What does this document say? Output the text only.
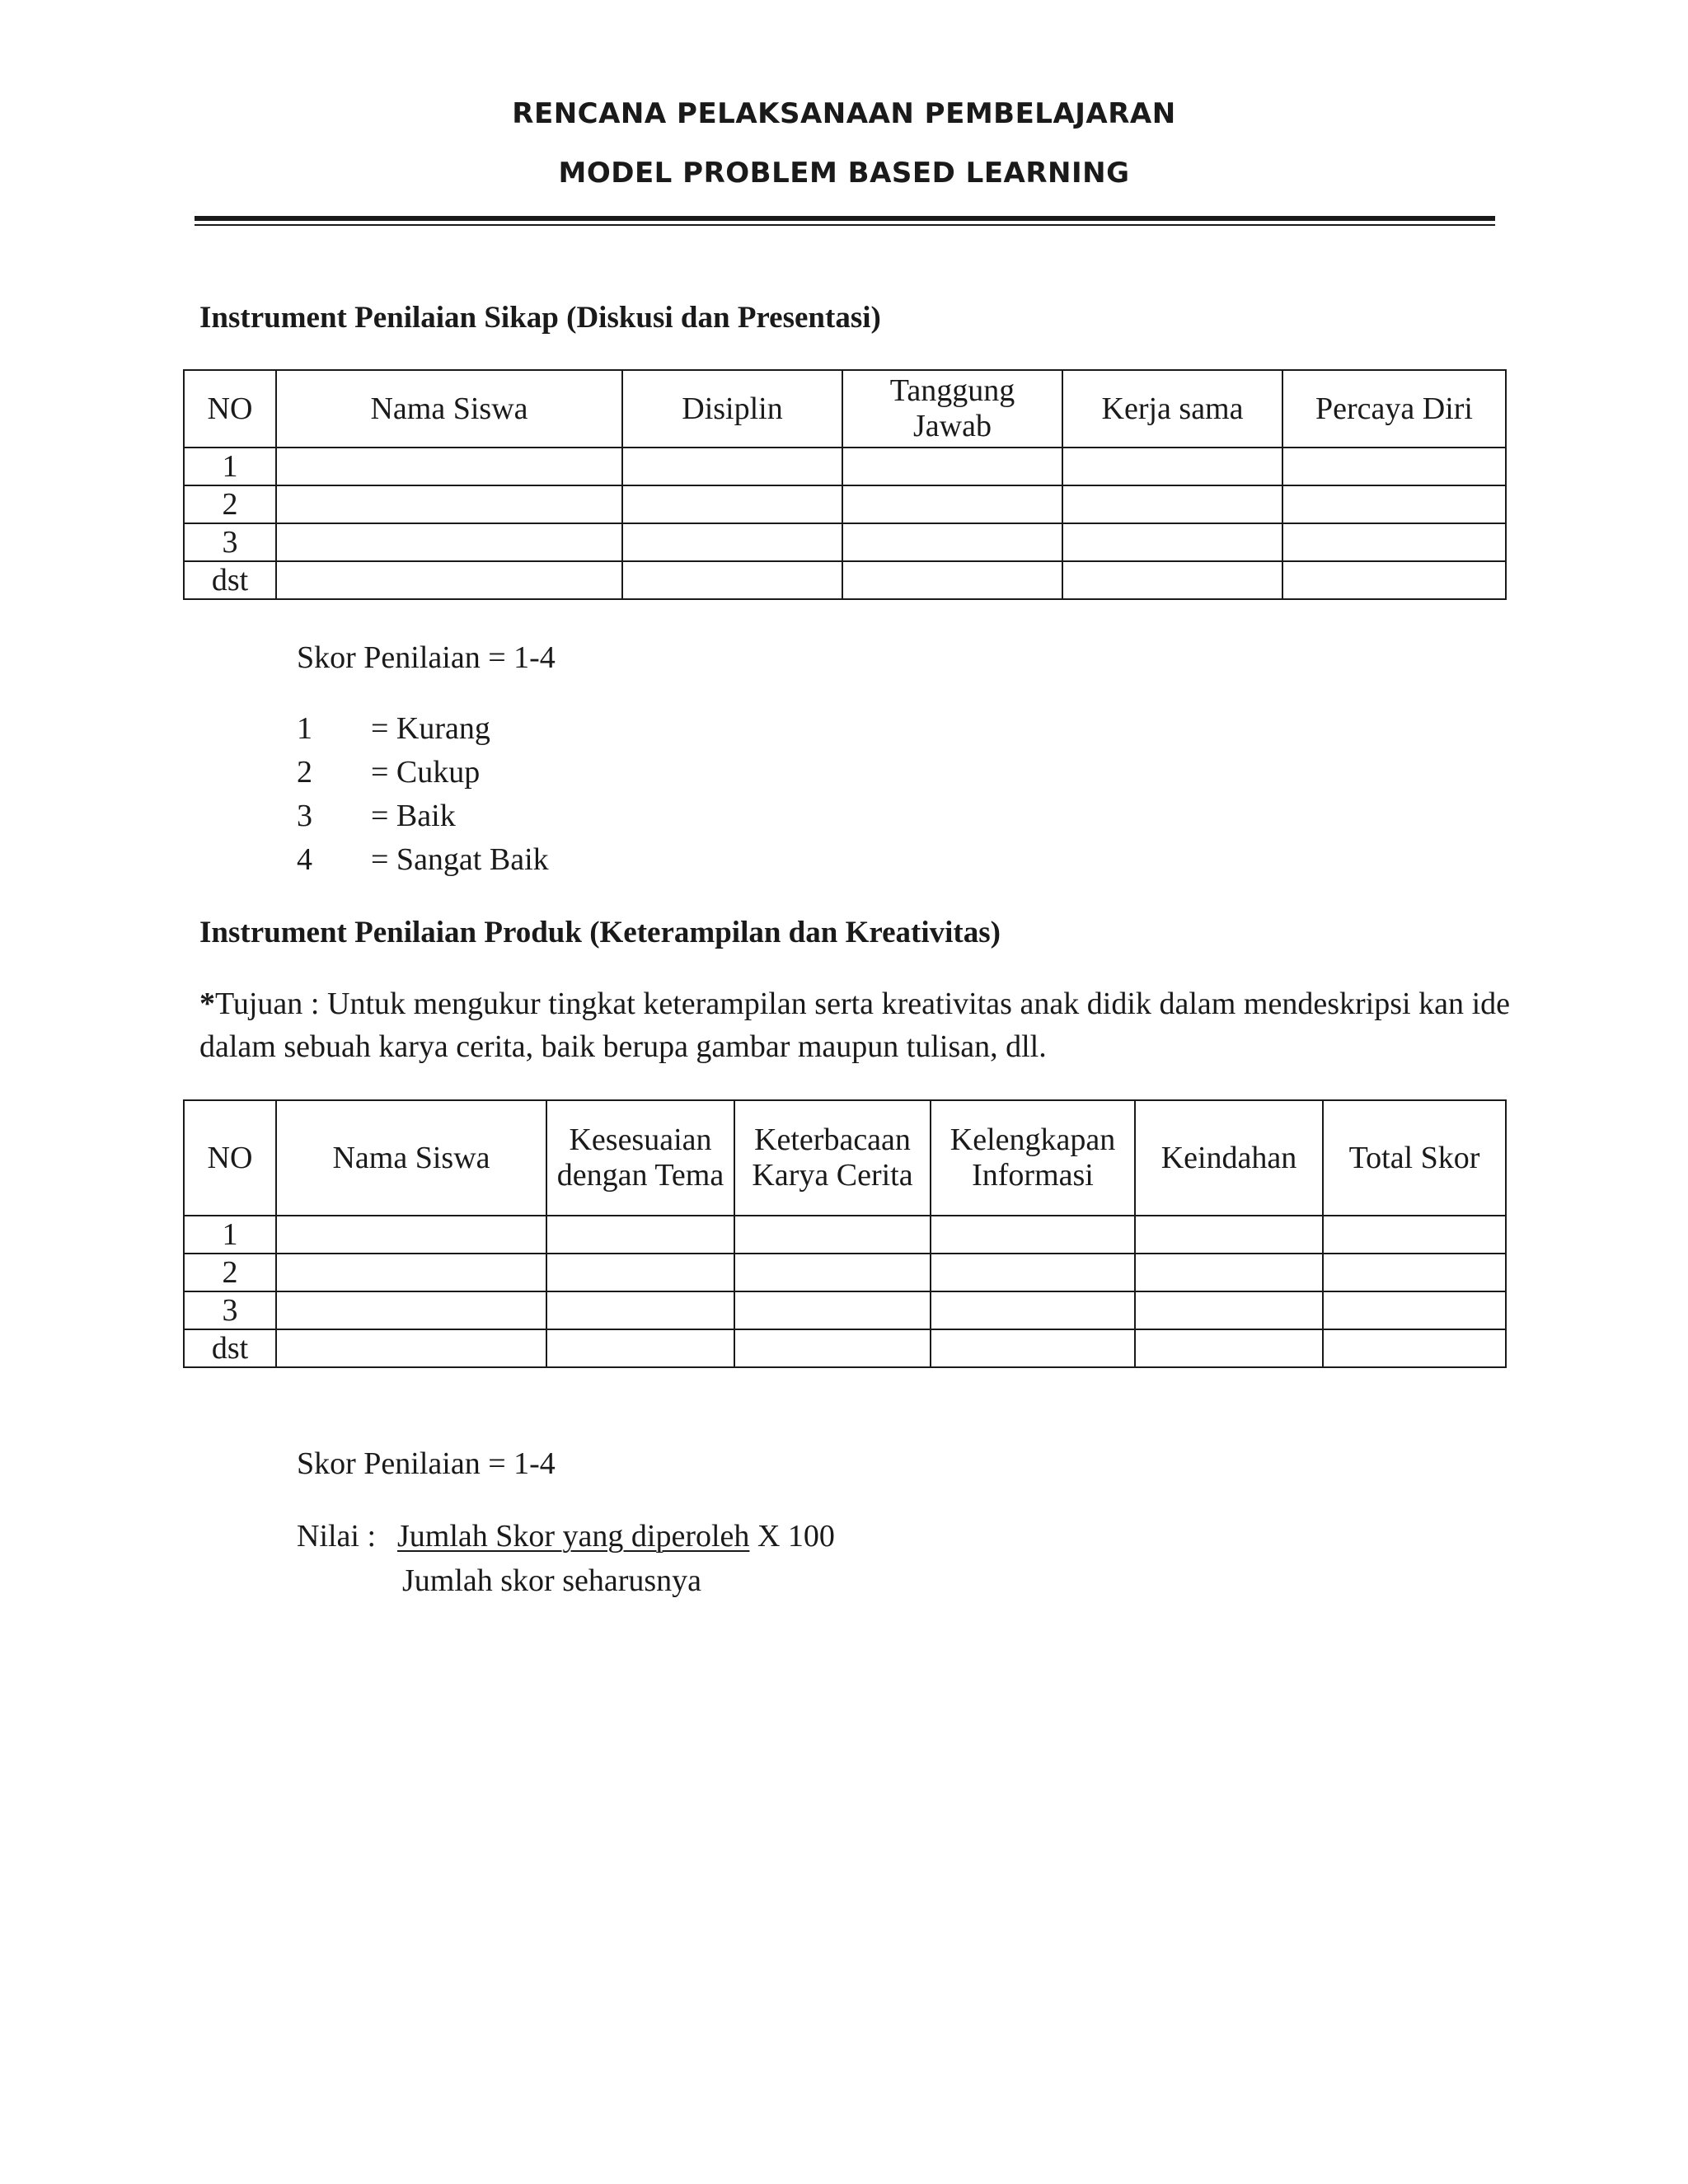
RENCANA PELAKSANAAN PEMBELAJARAN
MODEL PROBLEM BASED LEARNING
Instrument Penilaian Sikap (Diskusi dan Presentasi)
NO	Nama Siswa	Disiplin	Tanggung Jawab	Kerja sama	Percaya Diri
1					
2					
3					
dst					
Skor Penilaian = 1-4
1	= Kurang
2	= Cukup
3	= Baik
4	= Sangat Baik
Instrument Penilaian Produk (Keterampilan dan Kreativitas)
*Tujuan : Untuk mengukur tingkat keterampilan serta kreativitas anak didik dalam mendeskripsi kan ide dalam sebuah karya cerita, baik berupa gambar maupun tulisan, dll.
NO	Nama Siswa	Kesesuaian dengan Tema	Keterbacaan Karya Cerita	Kelengkapan Informasi	Keindahan	Total Skor
1						
2						
3						
dst						
Skor Penilaian = 1-4
Nilai : Jumlah Skor yang diperoleh X 100
Jumlah skor seharusnya
